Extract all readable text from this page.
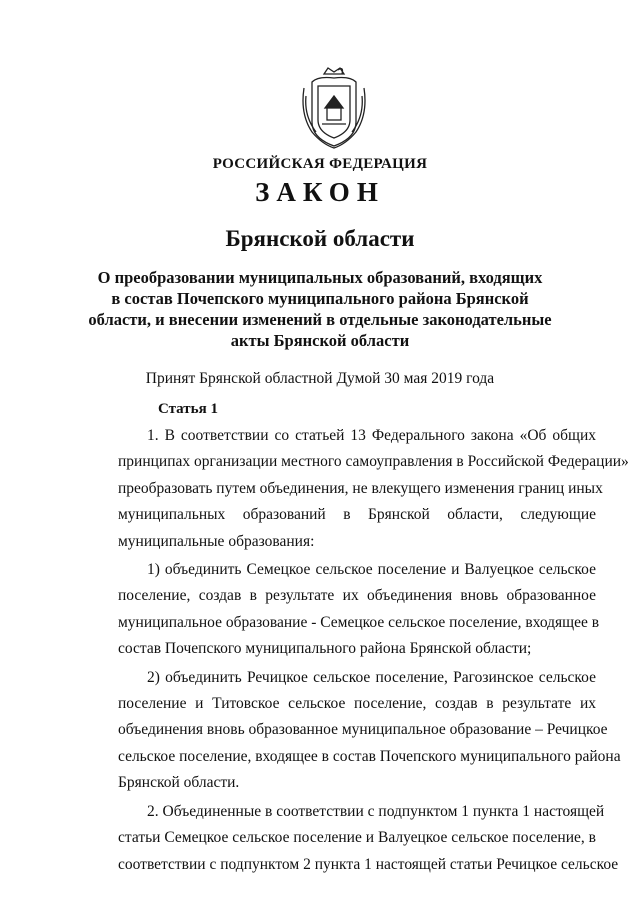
РОССИЙСКАЯ ФЕДЕРАЦИЯ
ЗАКОН
Брянской области
О преобразовании муниципальных образований, входящих
в состав Почепского муниципального района Брянской
области, и внесении изменений в отдельные законодательные
акты Брянской области
Принят Брянской областной Думой 30 мая 2019 года
Статья 1
1. В соответствии со статьей 13 Федерального закона «Об общих
принципах организации местного самоуправления в Российской Федерации»
преобразовать путем объединения, не влекущего изменения границ иных
муниципальных образований в Брянской области, следующие
муниципальные образования:
1) объединить Семецкое сельское поселение и Валуецкое сельское
поселение, создав в результате их объединения вновь образованное
муниципальное образование - Семецкое сельское поселение, входящее в
состав Почепского муниципального района Брянской области;
2) объединить Речицкое сельское поселение, Рагозинское сельское
поселение и Титовское сельское поселение, создав в результате их
объединения вновь образованное муниципальное образование – Речицкое
сельское поселение, входящее в состав Почепского муниципального района
Брянской области.
2. Объединенные в соответствии с подпунктом 1 пункта 1 настоящей
статьи Семецкое сельское поселение и Валуецкое сельское поселение, в
соответствии с подпунктом 2 пункта 1 настоящей статьи Речицкое сельское
